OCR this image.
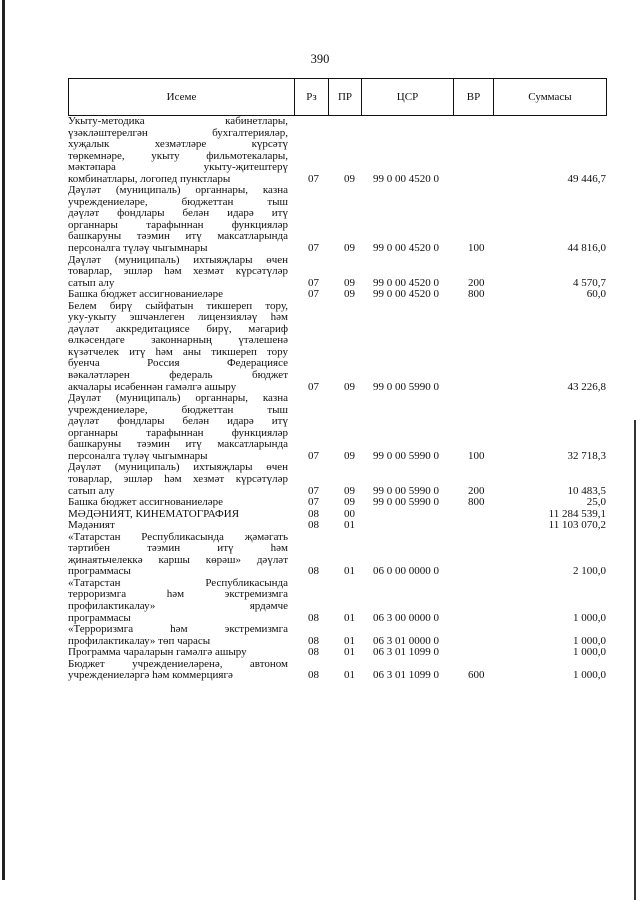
390
Исеме	Рз	ПР	ЦСР	ВР	Суммасы
Укыту-методика кабинетлары,
үзәкләштерелгән бухгалтерияләр,
хуҗалык хезмәтләре күрсәтү
төркемнәре, укыту фильмотекалары,
мәктәпара укыту-җитештерү
комбинатлары, логопед пунктлары	07 09 99 0 00 4520 0	49 446,7
Дәүләт (муниципаль) органнары, казна
учреждениеләре, бюджеттан тыш
дәүләт фондлары белән идарә итү
органнары тарафыннан функцияләр
башкаруны тәэмин итү максатларында
персоналга түләү чыгымнары	07 09 99 0 00 4520 0	100	44 816,0
Дәүләт (муниципаль) ихтыяҗлары өчен
товарлар, эшләр һәм хезмәт күрсәтүләр
сатып алу	07 09 99 0 00 4520 0	200	4 570,7
Башка бюджет ассигнованиеләре	07 09 99 0 00 4520 0	800	60,0
Белем бирү сыйфатын тикшереп тору,
уку-укыту эшчәнлеген лицензияләү һәм
дәүләт аккредитациясе бирү, мәгариф
өлкәсендәге законнарның үтәлешенә
күзәтчелек итү һәм аны тикшереп тору
буенча Россия Федерациясе
вәкаләтләрен федераль бюджет
акчалары исәбеннән гамәлгә ашыру	07 09 99 0 00 5990 0	43 226,8
Дәүләт (муниципаль) органнары, казна
учреждениеләре, бюджеттан тыш
дәүләт фондлары белән идарә итү
органнары тарафыннан функцияләр
башкаруны тәэмин итү максатларында
персоналга түләү чыгымнары	07 09 99 0 00 5990 0	100	32 718,3
Дәүләт (муниципаль) ихтыяҗлары өчен
товарлар, эшләр һәм хезмәт күрсәтүләр
сатып алу	07 09 99 0 00 5990 0	200	10 483,5
Башка бюджет ассигнованиеләре	07 09 99 0 00 5990 0	800	25,0
МӘДӘНИЯТ, КИНЕМАТОГРАФИЯ	08 00	11 284 539,1
Мәдәният	08 01	11 103 070,2
«Татарстан Республикасында җәмәгать
тәртибен тәэмин итү һәм
җинаятьчелеккә каршы көрәш» дәүләт
программасы	08 01 06 0 00 0000 0	2 100,0
«Татарстан Республикасында
терроризмга һәм экстремизмга
профилактикалау» ярдәмче
программасы	08 01 06 3 00 0000 0	1 000,0
«Терроризмга һәм экстремизмга
профилактикалау» төп чарасы	08 01 06 3 01 0000 0	1 000,0
Программа чараларын гамәлгә ашыру	08 01 06 3 01 1099 0	1 000,0
Бюджет учреждениеләренә, автоном
учреждениеләргә һәм коммерциягә	08 01 06 3 01 1099 0	600	1 000,0
